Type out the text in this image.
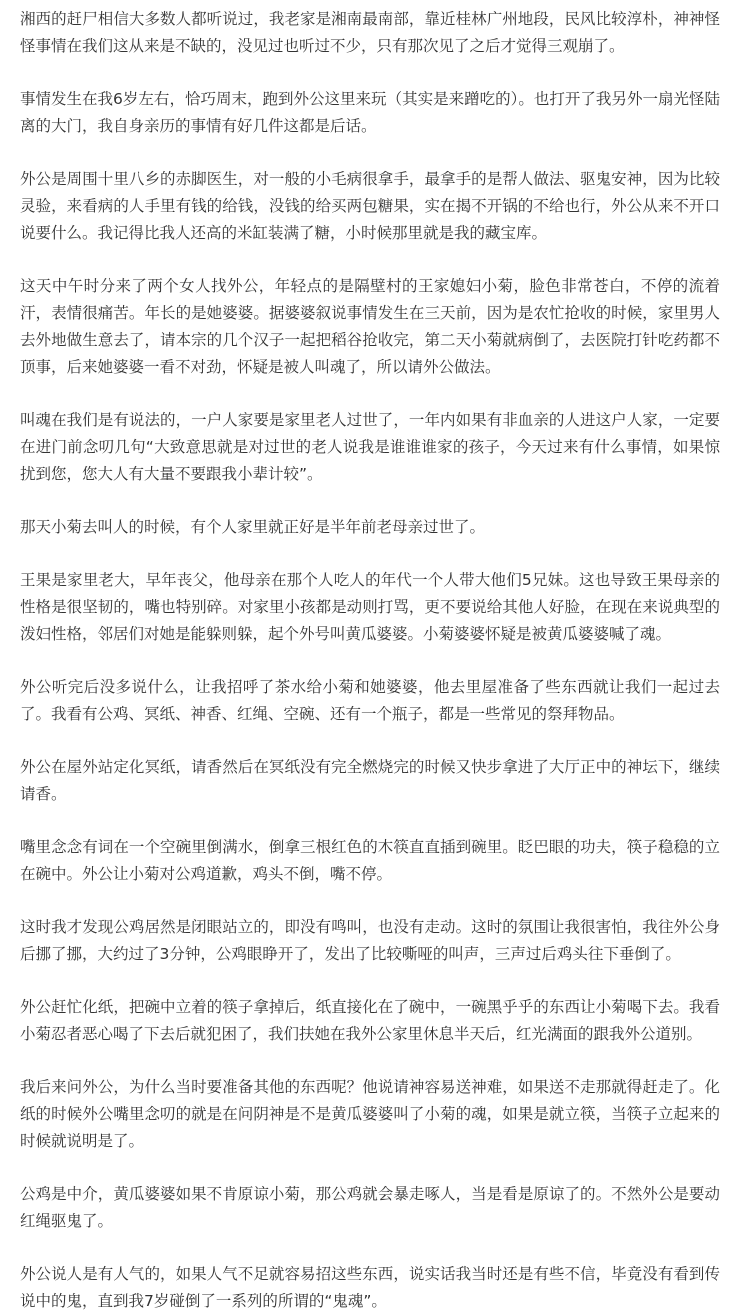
湘西的赶尸相信大多数人都听说过，我老家是湘南最南部，靠近桂林广州地段，民风比较淳朴，神神怪怪事情在我们这从来是不缺的，没见过也听过不少，只有那次见了之后才觉得三观崩了。

事情发生在我6岁左右，恰巧周末，跑到外公这里来玩（其实是来蹭吃的）。也打开了我另外一扇光怪陆离的大门，我自身亲历的事情有好几件这都是后话。

外公是周围十里八乡的赤脚医生，对一般的小毛病很拿手，最拿手的是帮人做法、驱鬼安神，因为比较灵验，来看病的人手里有钱的给钱，没钱的给买两包糖果，实在揭不开锅的不给也行，外公从来不开口说要什么。我记得比我人还高的米缸装满了糖，小时候那里就是我的藏宝库。

这天中午时分来了两个女人找外公，年轻点的是隔壁村的王家媳妇小菊，脸色非常苍白，不停的流着汗，表情很痛苦。年长的是她婆婆。据婆婆叙说事情发生在三天前，因为是农忙抢收的时候，家里男人去外地做生意去了，请本宗的几个汉子一起把稻谷抢收完，第二天小菊就病倒了，去医院打针吃药都不顶事，后来她婆婆一看不对劲，怀疑是被人叫魂了，所以请外公做法。

叫魂在我们是有说法的，一户人家要是家里老人过世了，一年内如果有非血亲的人进这户人家，一定要在进门前念叨几句“大致意思就是对过世的老人说我是谁谁谁家的孩子，今天过来有什么事情，如果惊扰到您，您大人有大量不要跟我小辈计较”。

那天小菊去叫人的时候，有个人家里就正好是半年前老母亲过世了。

王果是家里老大，早年丧父，他母亲在那个人吃人的年代一个人带大他们5兄妹。这也导致王果母亲的性格是很坚韧的，嘴也特别碎。对家里小孩都是动则打骂，更不要说给其他人好脸，在现在来说典型的泼妇性格，邻居们对她是能躲则躲，起个外号叫黄瓜婆婆。小菊婆婆怀疑是被黄瓜婆婆喊了魂。

外公听完后没多说什么，让我招呼了茶水给小菊和她婆婆，他去里屋准备了些东西就让我们一起过去了。我看有公鸡、冥纸、神香、红绳、空碗、还有一个瓶子，都是一些常见的祭拜物品。

外公在屋外站定化冥纸，请香然后在冥纸没有完全燃烧完的时候又快步拿进了大厅正中的神坛下，继续请香。

嘴里念念有词在一个空碗里倒满水，倒拿三根红色的木筷直直插到碗里。眨巴眼的功夫，筷子稳稳的立在碗中。外公让小菊对公鸡道歉，鸡头不倒，嘴不停。

这时我才发现公鸡居然是闭眼站立的，即没有鸣叫，也没有走动。这时的氛围让我很害怕，我往外公身后挪了挪，大约过了3分钟，公鸡眼睁开了，发出了比较嘶哑的叫声，三声过后鸡头往下垂倒了。

外公赶忙化纸，把碗中立着的筷子拿掉后，纸直接化在了碗中，一碗黑乎乎的东西让小菊喝下去。我看小菊忍者恶心喝了下去后就犯困了，我们扶她在我外公家里休息半天后，红光满面的跟我外公道别。

我后来问外公，为什么当时要准备其他的东西呢？他说请神容易送神难，如果送不走那就得赶走了。化纸的时候外公嘴里念叨的就是在问阴神是不是黄瓜婆婆叫了小菊的魂，如果是就立筷，当筷子立起来的时候就说明是了。

公鸡是中介，黄瓜婆婆如果不肯原谅小菊，那公鸡就会暴走啄人，当是看是原谅了的。不然外公是要动红绳驱鬼了。

外公说人是有人气的，如果人气不足就容易招这些东西，说实话我当时还是有些不信，毕竟没有看到传说中的鬼，直到我7岁碰倒了一系列的所谓的“鬼魂”。
